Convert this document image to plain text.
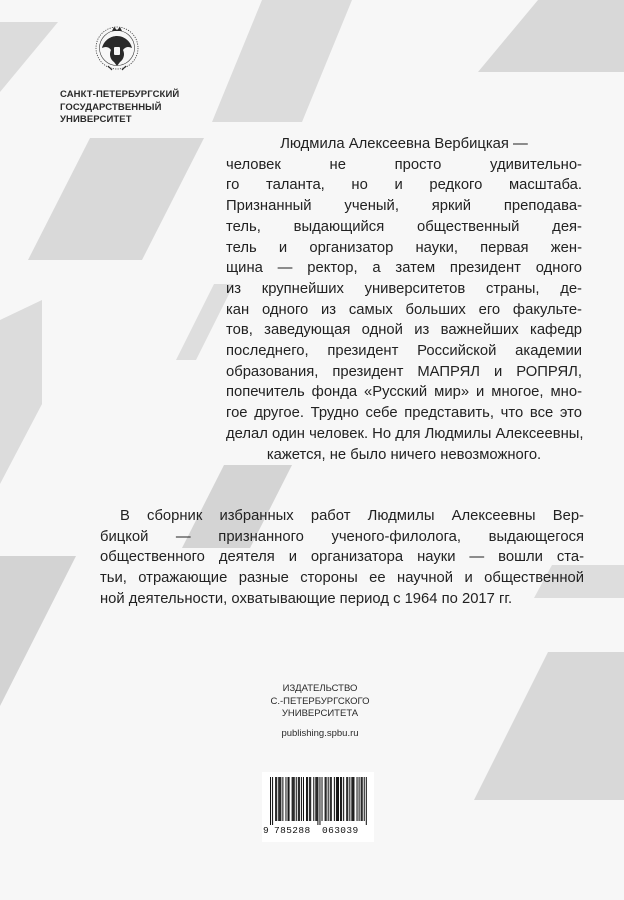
САНКТ-ПЕТЕРБУРГСКИЙ
ГОСУДАРСТВЕННЫЙ
УНИВЕРСИТЕТ
Людмила Алексеевна Вербицкая —
человек не просто удивительно-
го таланта, но и редкого масштаба.
Признанный ученый, яркий преподава-
тель, выдающийся общественный дея-
тель и организатор науки, первая жен-
щина — ректор, а затем президент одного
из крупнейших университетов страны, де-
кан одного из самых больших его факульте-
тов, заведующая одной из важнейших кафедр
последнего, президент Российской академии
образования, президент МАПРЯЛ и РОПРЯЛ,
попечитель фонда «Русский мир» и многое, мно-
гое другое. Трудно себе представить, что все это
делал один человек. Но для Людмилы Алексеевны,
кажется, не было ничего невозможного.
В сборник избранных работ Людмилы Алексеевны Вер-
бицкой — признанного ученого-филолога, выдающегося
общественного деятеля и организатора науки — вошли ста-
тьи, отражающие разные стороны ее научной и общественной
ной деятельности, охватывающие период с 1964 по 2017 гг.
ИЗДАТЕЛЬСТВО
С.-ПЕТЕРБУРГСКОГО
УНИВЕРСИТЕТА
publishing.spbu.ru
9 785288 063039
